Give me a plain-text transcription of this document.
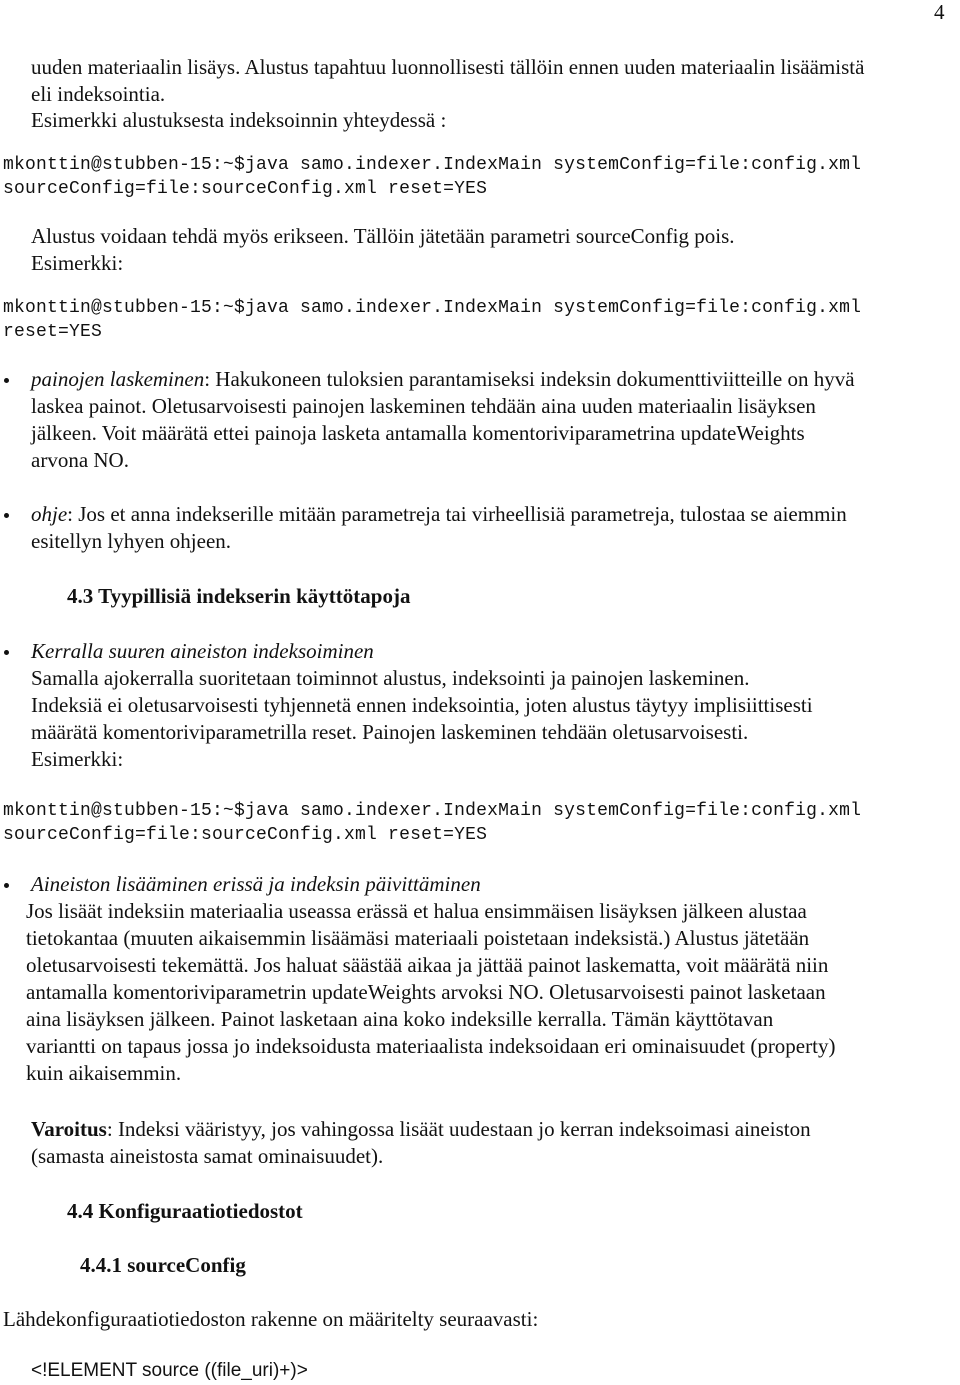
4
uuden materiaalin lisäys. Alustus tapahtuu luonnollisesti tällöin ennen uuden materiaalin lisäämistä
eli indeksointia.
Esimerkki alustuksesta indeksoinnin yhteydessä :
mkonttin@stubben-15:~$java samo.indexer.IndexMain systemConfig=file:config.xml
sourceConfig=file:sourceConfig.xml reset=YES
Alustus voidaan tehdä myös erikseen. Tällöin jätetään parametri sourceConfig pois.
Esimerkki:
mkonttin@stubben-15:~$java samo.indexer.IndexMain systemConfig=file:config.xml
reset=YES
painojen laskeminen: Hakukoneen tuloksien parantamiseksi indeksin dokumenttiviitteille on hyvä
laskea painot. Oletusarvoisesti painojen laskeminen tehdään aina uuden materiaalin lisäyksen
jälkeen. Voit määrätä ettei painoja lasketa antamalla komentoriviparametrina updateWeights
arvona NO.
ohje: Jos et anna indekserille mitään parametreja tai virheellisiä parametreja, tulostaa se aiemmin
esitellyn lyhyen ohjeen.
4.3 Tyypillisiä indekserin käyttötapoja
Kerralla suuren aineiston indeksoiminen
Samalla ajokerralla suoritetaan toiminnot alustus, indeksointi ja painojen laskeminen.
Indeksiä ei oletusarvoisesti tyhjennetä ennen indeksointia, joten alustus täytyy implisiittisesti
määrätä komentoriviparametrilla reset. Painojen laskeminen tehdään oletusarvoisesti.
Esimerkki:
mkonttin@stubben-15:~$java samo.indexer.IndexMain systemConfig=file:config.xml
sourceConfig=file:sourceConfig.xml reset=YES
Aineiston lisääminen erissä ja indeksin päivittäminen
Jos lisäät indeksiin materiaalia useassa erässä et halua ensimmäisen lisäyksen jälkeen alustaa
tietokantaa (muuten aikaisemmin lisäämäsi materiaali poistetaan indeksistä.) Alustus jätetään
oletusarvoisesti tekemättä. Jos haluat säästää aikaa ja jättää painot laskematta, voit määrätä niin
antamalla komentoriviparametrin updateWeights arvoksi NO. Oletusarvoisesti painot lasketaan
aina lisäyksen jälkeen. Painot lasketaan aina koko indeksille kerralla. Tämän käyttötavan
variantti on tapaus jossa jo indeksoidusta materiaalista indeksoidaan eri ominaisuudet (property)
kuin aikaisemmin.
Varoitus: Indeksi vääristyy, jos vahingossa lisäät uudestaan jo kerran indeksoimasi aineiston
(samasta aineistosta samat ominaisuudet).
4.4 Konfiguraatiotiedostot
4.4.1 sourceConfig
Lähdekonfiguraatiotiedoston rakenne on määritelty seuraavasti:
<!ELEMENT source ((file_uri)+)>
